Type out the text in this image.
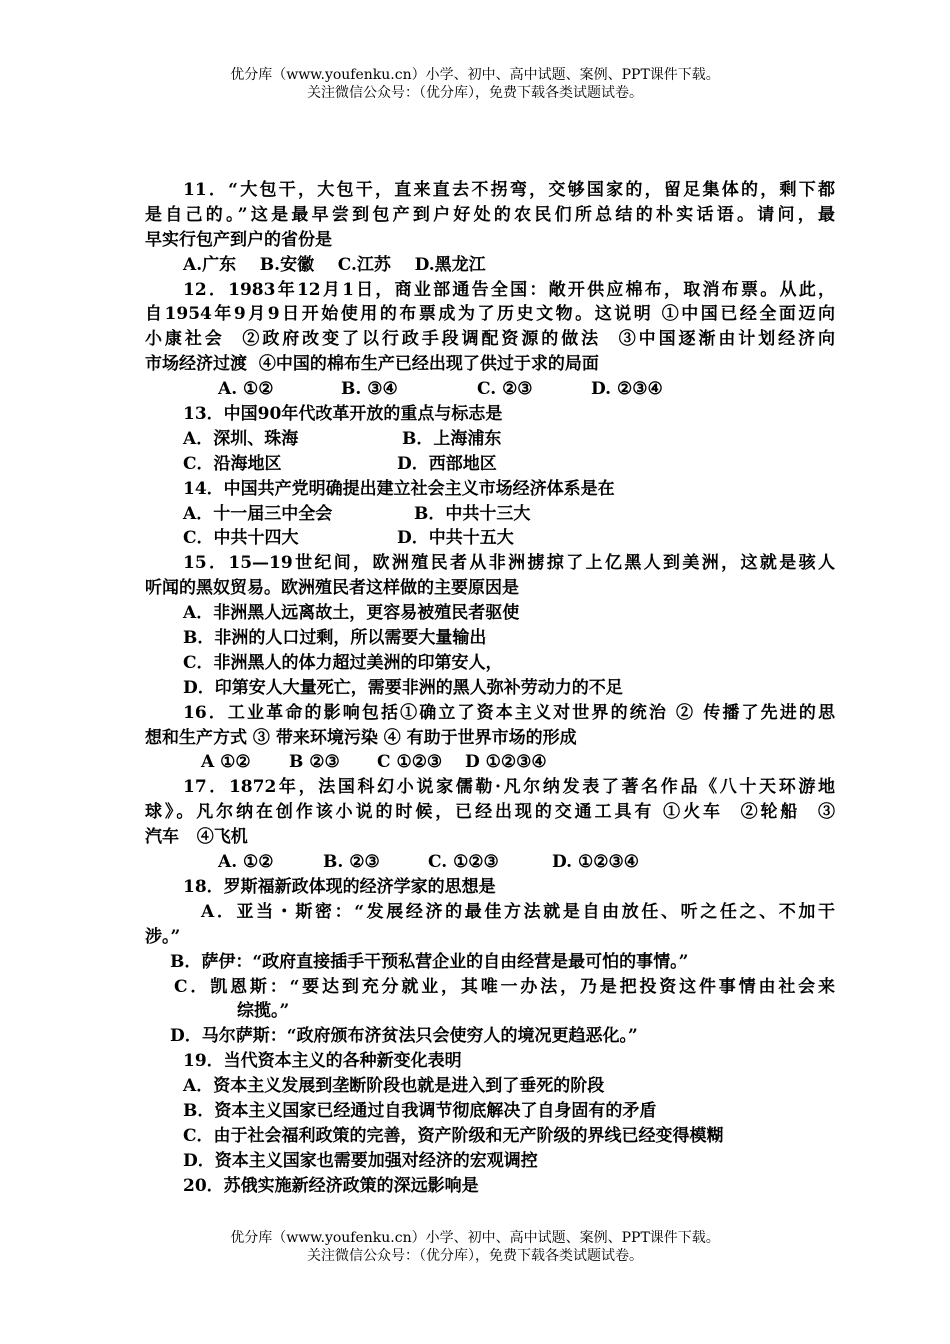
优分库（www.youfenku.cn）小学、初中、高中试题、案例、PPT课件下载。
关注微信公众号：（优分库），免费下载各类试题试卷。
11．“大包干，大包干，直来直去不拐弯，交够国家的，留足集体的，剩下都
是自己的。”这是最早尝到包产到户好处的农民们所总结的朴实话语。请问，最
早实行包产到户的省份是
A.广东    B.安徽    C.江苏    D.黑龙江
12．1983年12月1日，商业部通告全国：敞开供应棉布，取消布票。从此，
自1954年9月9日开始使用的布票成为了历史文物。这说明 ①中国已经全面迈向
小康社会  ②政府改变了以行政手段调配资源的做法  ③中国逐渐由计划经济向
市场经济过渡  ④中国的棉布生产已经出现了供过于求的局面
A. ①②	B. ③④	C. ②③	D. ②③④
13．中国90年代改革开放的重点与标志是
A．深圳、珠海	B．上海浦东
C．沿海地区	D．西部地区
14．中国共产党明确提出建立社会主义市场经济体系是在
A．十一届三中全会	B．中共十三大
C．中共十四大	D．中共十五大
15．15—19世纪间，欧洲殖民者从非洲掳掠了上亿黑人到美洲，这就是骇人
听闻的黑奴贸易。欧洲殖民者这样做的主要原因是
A．非洲黑人远离故土，更容易被殖民者驱使
B．非洲的人口过剩，所以需要大量输出
C．非洲黑人的体力超过美洲的印第安人，
D．印第安人大量死亡，需要非洲的黑人弥补劳动力的不足
16．工业革命的影响包括①确立了资本主义对世界的统治 ② 传播了先进的思
想和生产方式 ③ 带来环境污染 ④ 有助于世界市场的形成
A ①② B ②③ C ①②③ D ①②③④
17．1872年，法国科幻小说家儒勒·凡尔纳发表了著名作品《八十天环游地
球》。凡尔纳在创作该小说的时候，已经出现的交通工具有 ①火车  ②轮船  ③
汽车   ④飞机
A. ①②	B. ②③	C. ①②③	D. ①②③④
18．罗斯福新政体现的经济学家的思想是
A．亚当・斯密：“发展经济的最佳方法就是自由放任、听之任之、不加干
涉。”
B．萨伊：“政府直接插手干预私营企业的自由经营是最可怕的事情。”
C．凯恩斯：“要达到充分就业，其唯一办法，乃是把投资这件事情由社会来
综揽。”
D．马尔萨斯：“政府颁布济贫法只会使穷人的境况更趋恶化。”
19．当代资本主义的各种新变化表明
A．资本主义发展到垄断阶段也就是进入到了垂死的阶段
B．资本主义国家已经通过自我调节彻底解决了自身固有的矛盾
C．由于社会福利政策的完善，资产阶级和无产阶级的界线已经变得模糊
D．资本主义国家也需要加强对经济的宏观调控
20．苏俄实施新经济政策的深远影响是
优分库（www.youfenku.cn）小学、初中、高中试题、案例、PPT课件下载。
关注微信公众号：（优分库），免费下载各类试题试卷。
